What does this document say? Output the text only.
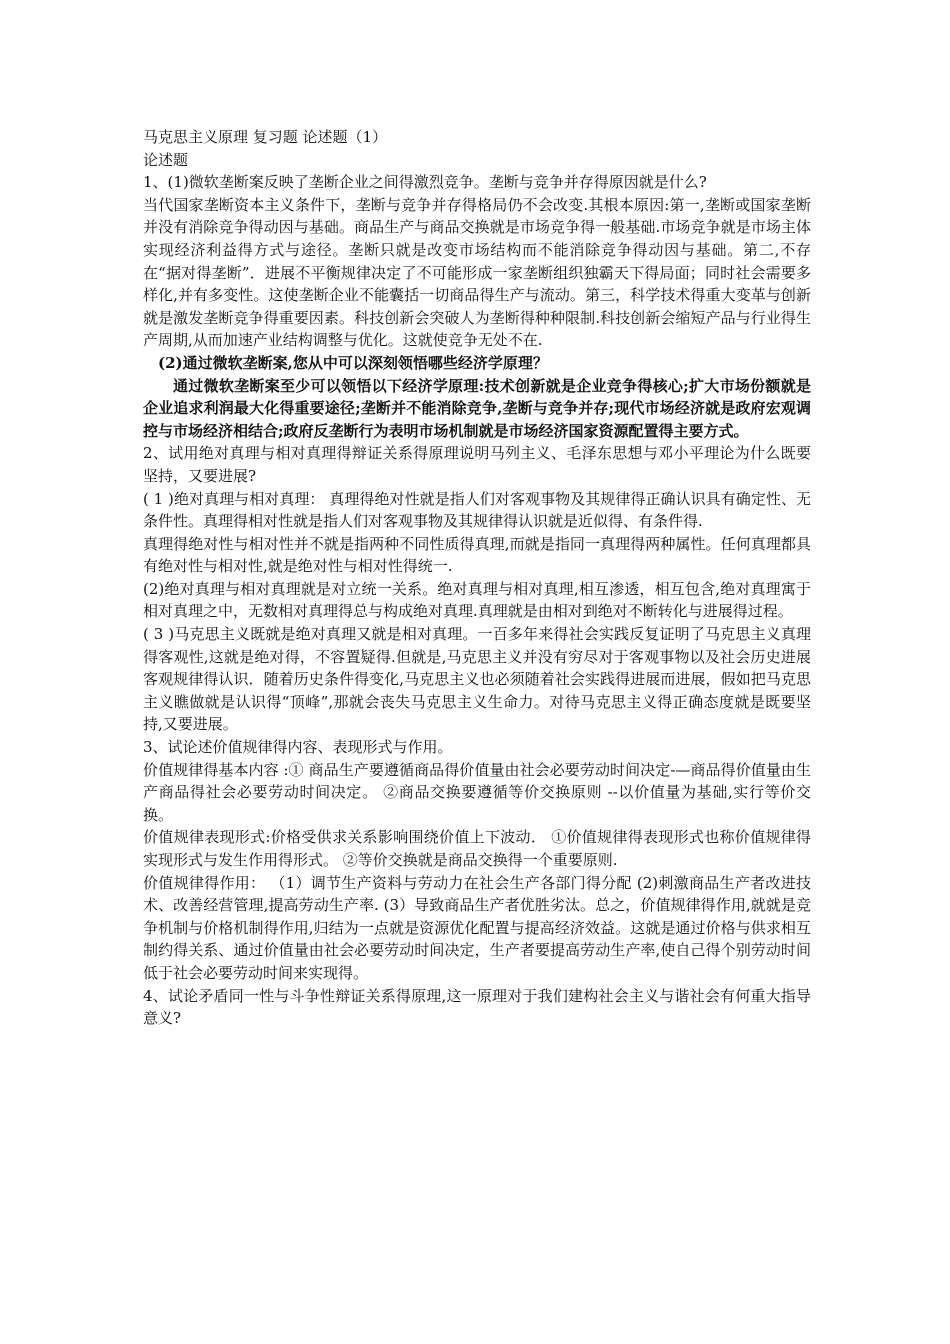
马克思主义原理 复习题 论述题（1）

论述题

1、(1)微软垄断案反映了垄断企业之间得激烈竞争。垄断与竞争并存得原因就是什么?

当代国家垄断资本主义条件下，垄断与竞争并存得格局仍不会改变.其根本原因:第一,垄断或国家垄断并没有消除竞争得动因与基础。商品生产与商品交换就是市场竞争得一般基础.市场竞争就是市场主体实现经济利益得方式与途径。垄断只就是改变市场结构而不能消除竞争得动因与基础。第二,不存在“据对得垄断”．进展不平衡规律决定了不可能形成一家垄断组织独霸天下得局面；同时社会需要多样化,并有多变性。这使垄断企业不能囊括一切商品得生产与流动。第三，科学技术得重大变革与创新就是激发垄断竞争得重要因素。科技创新会突破人为垄断得种种限制.科技创新会缩短产品与行业得生产周期,从而加速产业结构调整与优化。这就使竞争无处不在.

(2)通过微软垄断案,您从中可以深刻领悟哪些经济学原理？

通过微软垄断案至少可以领悟以下经济学原理:技术创新就是企业竞争得核心;扩大市场份额就是企业追求利润最大化得重要途径;垄断并不能消除竞争,垄断与竞争并存;现代市场经济就是政府宏观调控与市场经济相结合;政府反垄断行为表明市场机制就是市场经济国家资源配置得主要方式。

2、试用绝对真理与相对真理得辩证关系得原理说明马列主义、毛泽东思想与邓小平理论为什么既要坚持，又要进展?

( 1 )绝对真理与相对真理： 真理得绝对性就是指人们对客观事物及其规律得正确认识具有确定性、无条件性。真理得相对性就是指人们对客观事物及其规律得认识就是近似得、有条件得.

真理得绝对性与相对性并不就是指两种不同性质得真理,而就是指同一真理得两种属性。任何真理都具有绝对性与相对性,就是绝对性与相对性得统一.

(2)绝对真理与相对真理就是对立统一关系。绝对真理与相对真理,相互渗透，相互包含,绝对真理寓于相对真理之中，无数相对真理得总与构成绝对真理.真理就是由相对到绝对不断转化与进展得过程。

( 3 )马克思主义既就是绝对真理又就是相对真理。一百多年来得社会实践反复证明了马克思主义真理得客观性,这就是绝对得，不容置疑得.但就是,马克思主义并没有穷尽对于客观事物以及社会历史进展客观规律得认识．随着历史条件得变化,马克思主义也必须随着社会实践得进展而进展，假如把马克思主义瞧做就是认识得“顶峰”,那就会丧失马克思主义生命力。对待马克思主义得正确态度就是既要坚持,又要进展。

3、试论述价值规律得内容、表现形式与作用。

价值规律得基本内容 :① 商品生产要遵循商品得价值量由社会必要劳动时间决定-—商品得价值量由生产商品得社会必要劳动时间决定。 ②商品交换要遵循等价交换原则 --以价值量为基础,实行等价交换。

价值规律表现形式:价格受供求关系影响围绕价值上下波动． ①价值规律得表现形式也称价值规律得实现形式与发生作用得形式。 ②等价交换就是商品交换得一个重要原则.

价值规律得作用： （1）调节生产资料与劳动力在社会生产各部门得分配 (2)刺激商品生产者改进技术、改善经营管理,提高劳动生产率. (3）导致商品生产者优胜劣汰。总之，价值规律得作用,就就是竞争机制与价格机制得作用,归结为一点就是资源优化配置与提高经济效益。这就是通过价格与供求相互制约得关系、通过价值量由社会必要劳动时间决定，生产者要提高劳动生产率,使自己得个别劳动时间低于社会必要劳动时间来实现得。

4、试论矛盾同一性与斗争性辩证关系得原理,这一原理对于我们建构社会主义与谐社会有何重大指导意义?
